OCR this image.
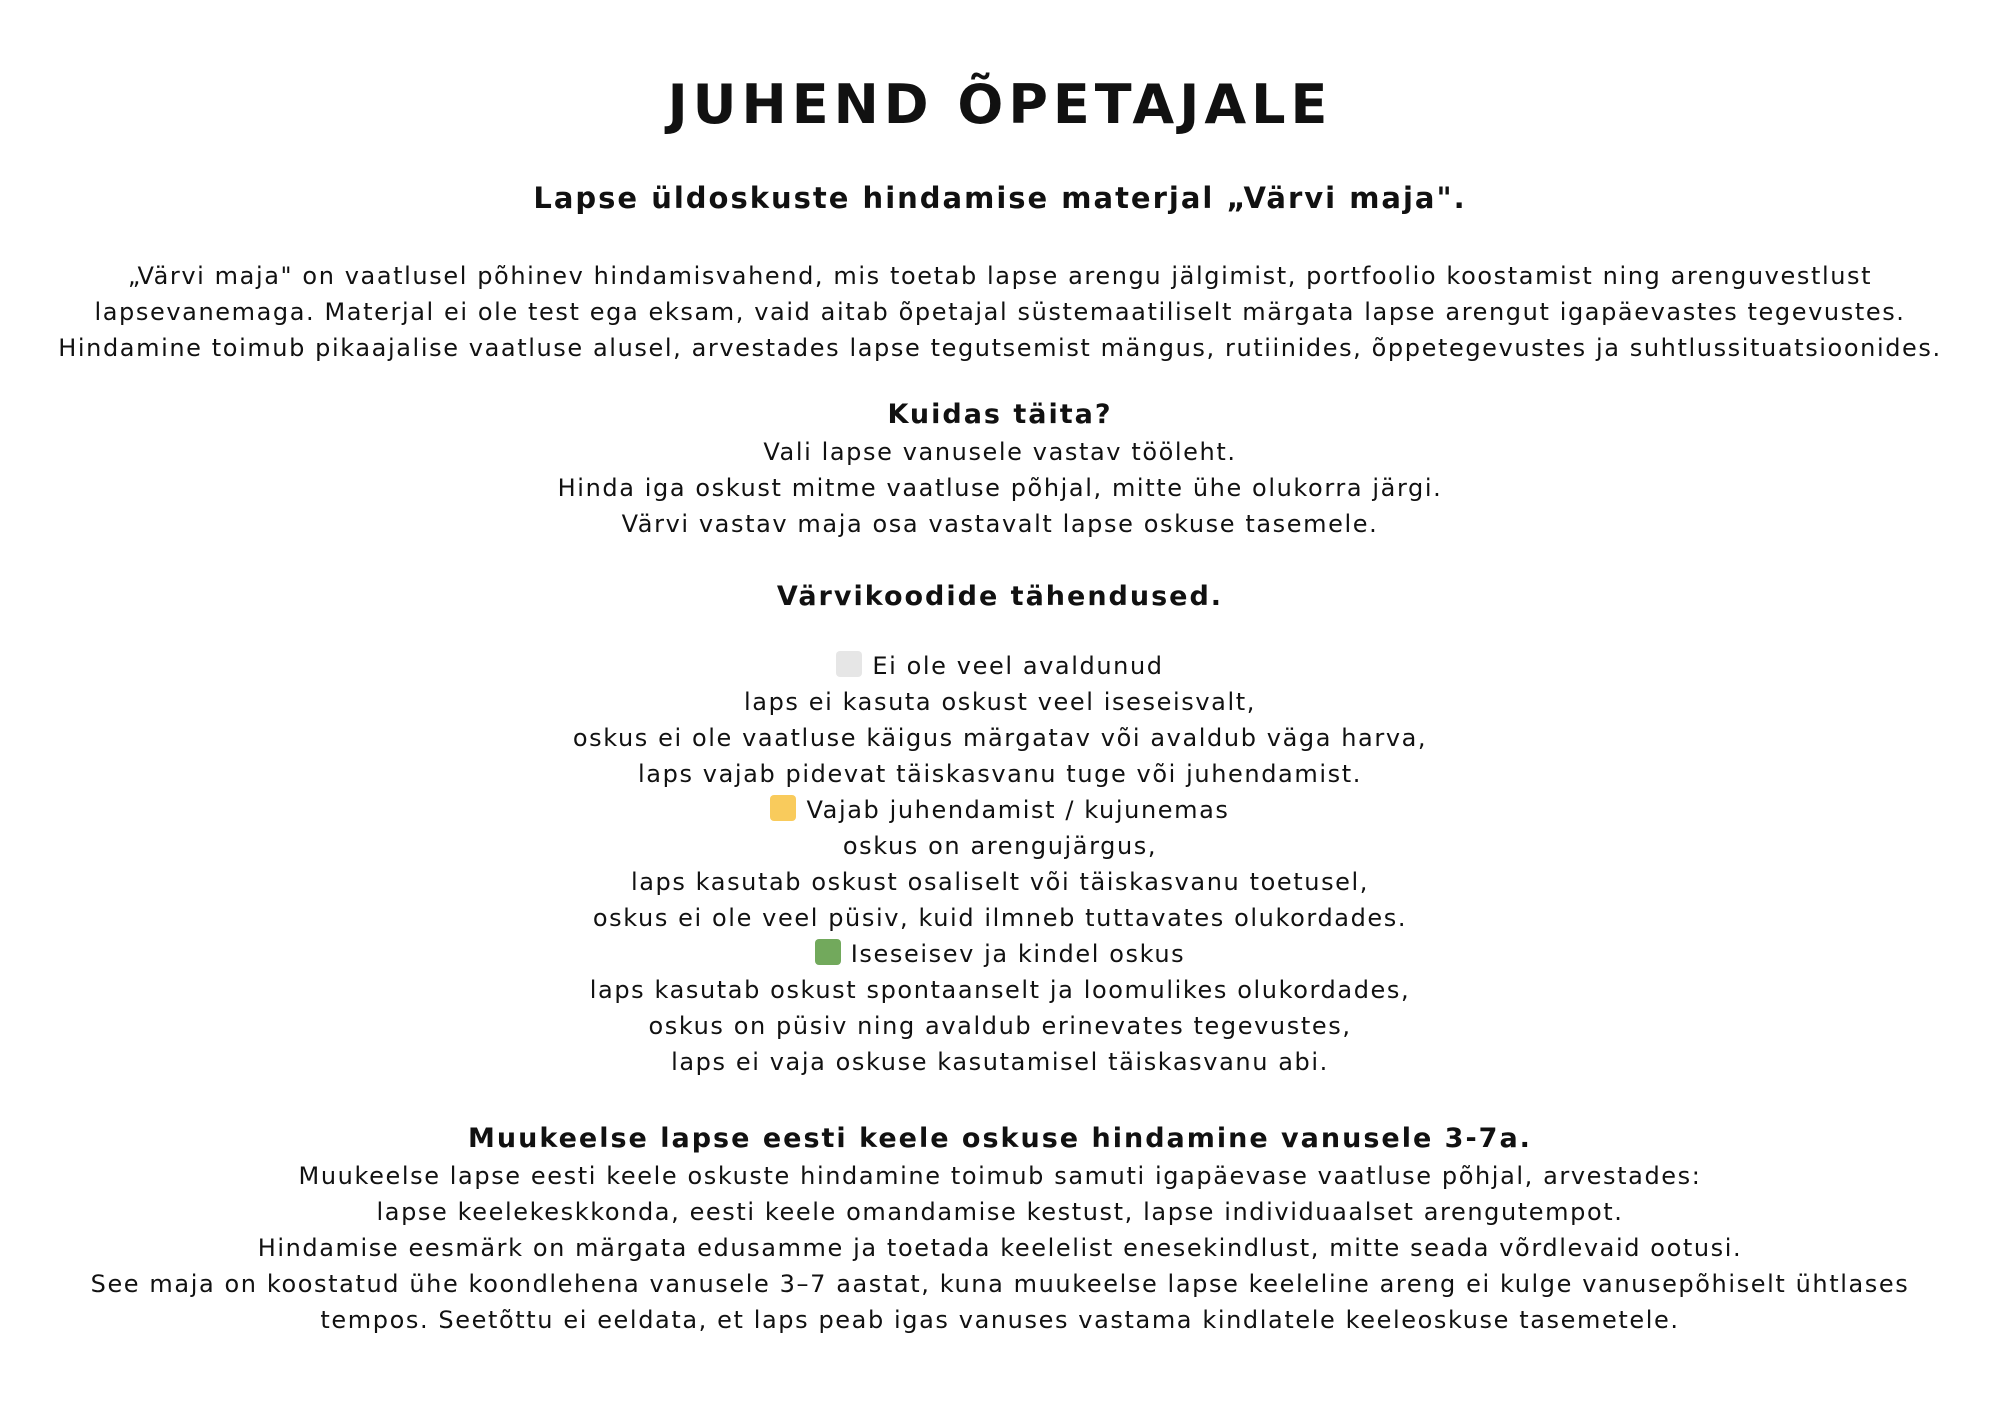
JUHEND ÕPETAJALE
Lapse üldoskuste hindamise materjal „Värvi maja".

„Värvi maja" on vaatlusel põhinev hindamisvahend, mis toetab lapse arengu jälgimist, portfoolio koostamist ning arenguvestlust

lapsevanemaga. Materjal ei ole test ega eksam, vaid aitab õpetajal süstemaatiliselt märgata lapse arengut igapäevastes tegevustes.

Hindamine toimub pikaajalise vaatluse alusel, arvestades lapse tegutsemist mängus, rutiinides, õppetegevustes ja suhtlussituatsioonides.

Kuidas täita?

Vali lapse vanusele vastav tööleht.

Hinda iga oskust mitme vaatluse põhjal, mitte ühe olukorra järgi.

Värvi vastav maja osa vastavalt lapse oskuse tasemele.

Värvikoodide tähendused.

Ei ole veel avaldunud

laps ei kasuta oskust veel iseseisvalt,

oskus ei ole vaatluse käigus märgatav või avaldub väga harva,

laps vajab pidevat täiskasvanu tuge või juhendamist.

Vajab juhendamist / kujunemas

oskus on arengujärgus,

laps kasutab oskust osaliselt või täiskasvanu toetusel,

oskus ei ole veel püsiv, kuid ilmneb tuttavates olukordades.

Iseseisev ja kindel oskus

laps kasutab oskust spontaanselt ja loomulikes olukordades,

oskus on püsiv ning avaldub erinevates tegevustes,

laps ei vaja oskuse kasutamisel täiskasvanu abi.

Muukeelse lapse eesti keele oskuse hindamine vanusele 3-7a.

Muukeelse lapse eesti keele oskuste hindamine toimub samuti igapäevase vaatluse põhjal, arvestades:

lapse keelekeskkonda, eesti keele omandamise kestust, lapse individuaalset arengutempot.

Hindamise eesmärk on märgata edusamme ja toetada keelelist enesekindlust, mitte seada võrdlevaid ootusi.

See maja on koostatud ühe koondlehena vanusele 3–7 aastat, kuna muukeelse lapse keeleline areng ei kulge vanusepõhiselt ühtlases

tempos. Seetõttu ei eeldata, et laps peab igas vanuses vastama kindlatele keeleoskuse tasemetele.
